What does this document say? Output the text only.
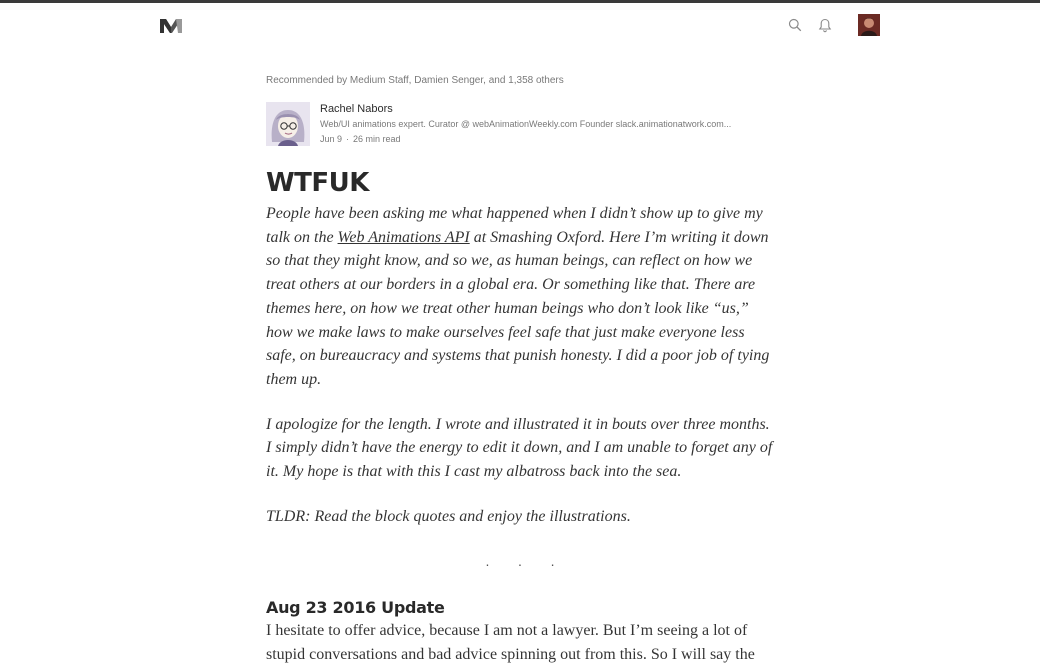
Recommended by Medium Staff, Damien Senger, and 1,358 others

Rachel Nabors
Web/UI animations expert. Curator @ webAnimationWeekly.com Founder slack.animationatwork.com...
Jun 9 · 26 min read
WTFUK

People have been asking me what happened when I didn’t show up to give my talk on the Web Animations API at Smashing Oxford. Here I’m writing it down so that they might know, and so we, as human beings, can reflect on how we treat others at our borders in a global era. Or something like that. There are themes here, on how we treat other human beings who don’t look like “us,” how we make laws to make ourselves feel safe that just make everyone less safe, on bureaucracy and systems that punish honesty. I did a poor job of tying them up.

I apologize for the length. I wrote and illustrated it in bouts over three months. I simply didn’t have the energy to edit it down, and I am unable to forget any of it. My hope is that with this I cast my albatross back into the sea.

TLDR: Read the block quotes and enjoy the illustrations.

· · ·
Aug 23 2016 Update

I hesitate to offer advice, because I am not a lawyer. But I’m seeing a lot of stupid conversations and bad advice spinning out from this. So I will say the
